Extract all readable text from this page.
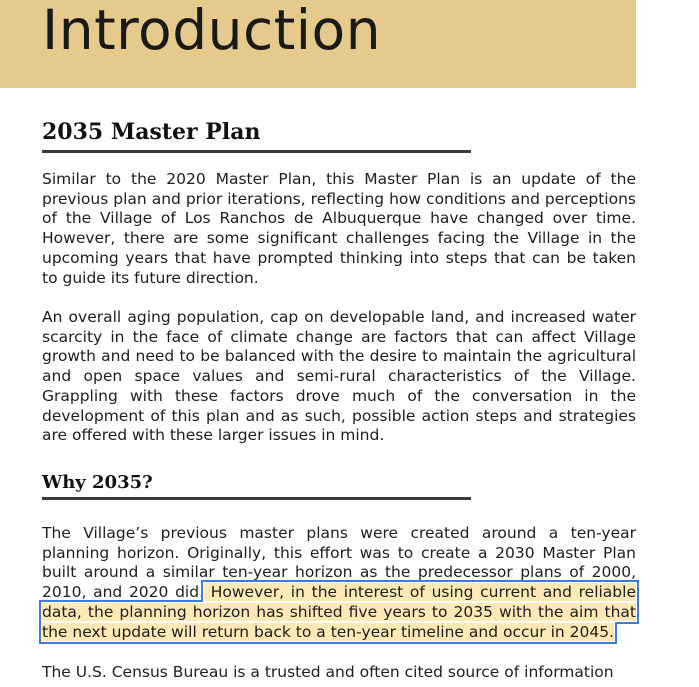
Introduction
2035 Master Plan

Similar to the 2020 Master Plan, this Master Plan is an update of the previous plan and prior iterations, reflecting how conditions and perceptions of the Village of Los Ranchos de Albuquerque have changed over time. However, there are some significant challenges facing the Village in the upcoming years that have prompted thinking into steps that can be taken to guide its future direction.

An overall aging population, cap on developable land, and increased water scarcity in the face of climate change are factors that can affect Village growth and need to be balanced with the desire to maintain the agricultural and open space values and semi-rural characteristics of the Village. Grappling with these factors drove much of the conversation in the development of this plan and as such, possible action steps and strategies are offered with these larger issues in mind.

Why 2035?

The Village’s previous master plans were created around a ten-year planning horizon. Originally, this effort was to create a 2030 Master Plan built around a similar ten-year horizon as the predecessor plans of 2000, 2010, and 2020 did. However, in the interest of using current and reliable data, the planning horizon has shifted five years to 2035 with the aim that the next update will return back to a ten-year timeline and occur in 2045.

The U.S. Census Bureau is a trusted and often cited source of information
